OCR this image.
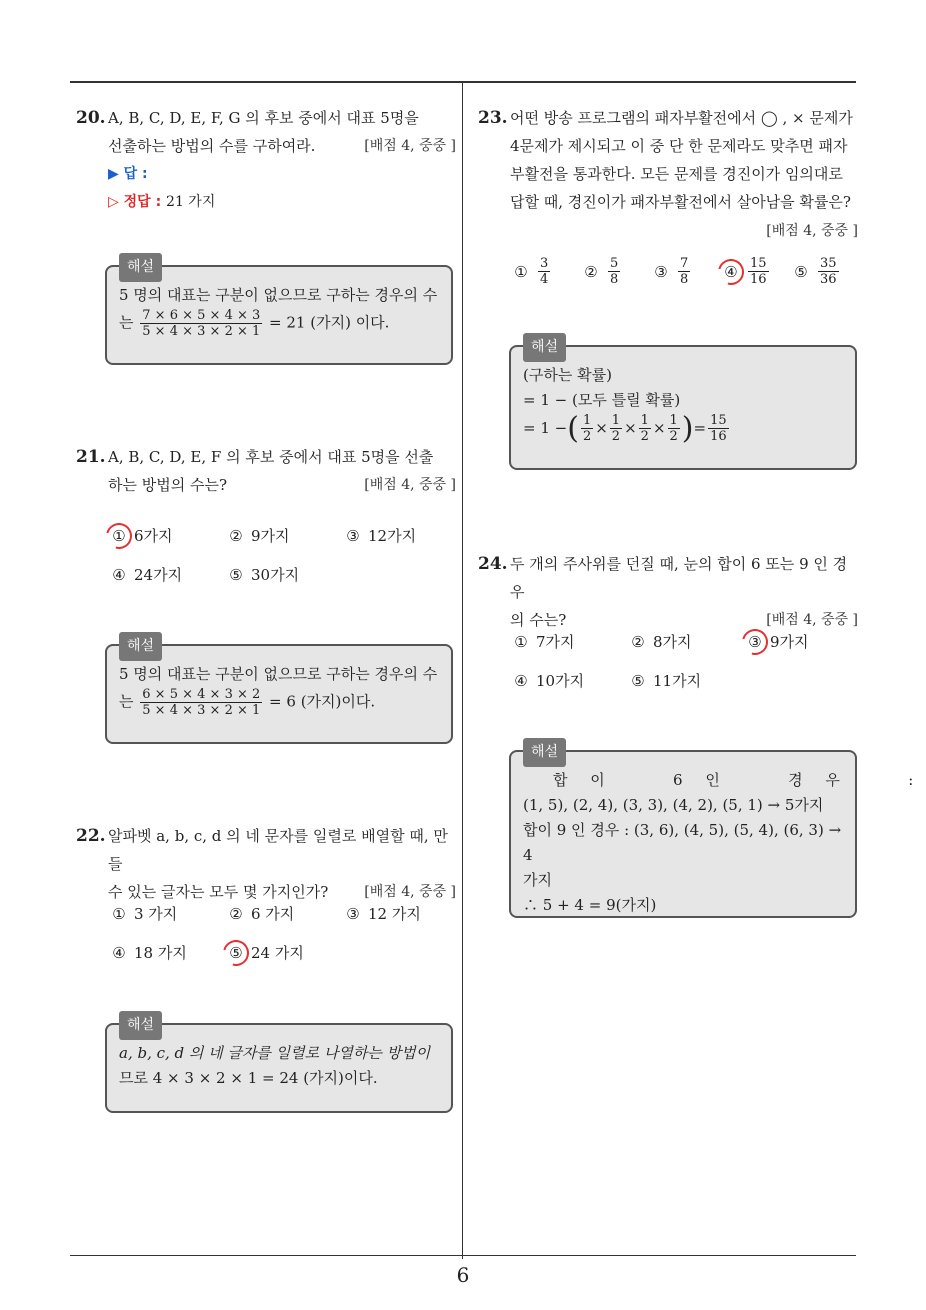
20. A, B, C, D, E, F, G 의 후보 중에서 대표 5명을
선출하는 방법의 수를 구하여라.	[배점 4, 중중 ]
▶ 답 :
▷ 정답 : 21 가지
해설
5 명의 대표는 구분이 없으므로 구하는 경우의 수
는 $\frac{7 \times 6 \times 5 \times 4 \times 3}{5 \times 4 \times 3 \times 2 \times 1} = 21$ (가지) 이다.
21. A, B, C, D, E, F 의 후보 중에서 대표 5명을 선출
하는 방법의 수는?	[배점 4, 중중 ]
① 6가지	② 9가지	③ 12가지
④ 24가지	⑤ 30가지
해설
5 명의 대표는 구분이 없으므로 구하는 경우의 수
는 $\frac{6 \times 5 \times 4 \times 3 \times 2}{5 \times 4 \times 3 \times 2 \times 1} = 6$ (가지)이다.
22. 알파벳 a, b, c, d 의 네 문자를 일렬로 배열할 때, 만들
수 있는 글자는 모두 몇 가지인가?	[배점 4, 중중 ]
① 3 가지	② 6 가지	③ 12 가지
④ 18 가지	⑤ 24 가지
해설
a, b, c, d 의 네 글자를 일렬로 나열하는 방법이
므로 4 × 3 × 2 × 1 = 24 (가지)이다.
23. 어떤 방송 프로그램의 패자부활전에서 ◯ , × 문제가
4문제가 제시되고 이 중 단 한 문제라도 맞추면 패자
부활전을 통과한다. 모든 문제를 경진이가 임의대로
답할 때, 경진이가 패자부활전에서 살아남을 확률은?
[배점 4, 중중 ]
① $\frac{3}{4}$ ② $\frac{5}{8}$ ③ $\frac{7}{8}$ ④ $\frac{15}{16}$ ⑤ $\frac{35}{36}$
해설
(구하는 확률)
= 1 − (모두 틀릴 확률)
= 1 − ( $\frac{1}{2} \times \frac{1}{2} \times \frac{1}{2} \times \frac{1}{2}$ ) = $\frac{15}{16}$
24. 두 개의 주사위를 던질 때, 눈의 합이 6 또는 9 인 경우
의 수는?	[배점 4, 중중 ]
① 7가지	② 8가지	③ 9가지
④ 10가지	⑤ 11가지
해설
합 이   6 인   경 우   :
(1, 5), (2, 4), (3, 3), (4, 2), (5, 1) → 5가지
합이 9 인 경우 : (3, 6), (4, 5), (5, 4), (6, 3) → 4
가지
∴ 5 + 4 = 9(가지)
6
